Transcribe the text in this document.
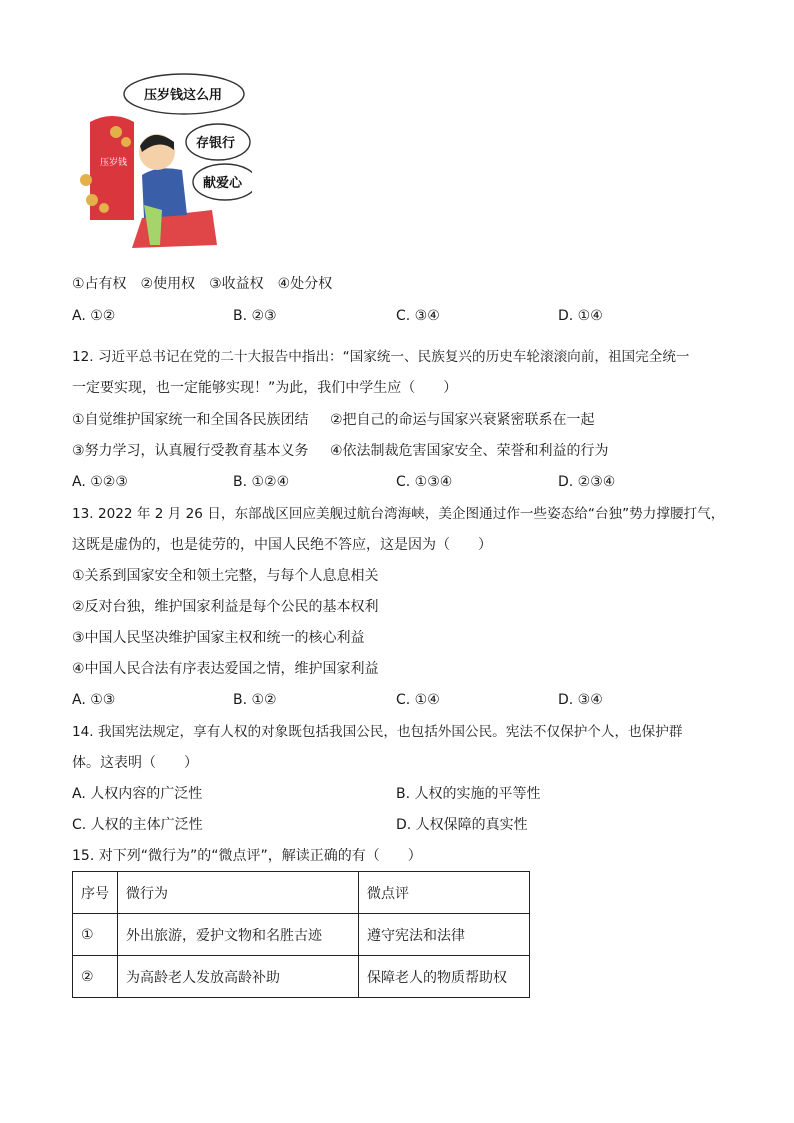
压岁钱
压岁钱这么用
存银行
献爱心
①占有权　②使用权　③收益权　④处分权
A. ①②	B. ②③	C. ③④	D. ①④
12. 习近平总书记在党的二十大报告中指出：“国家统一、民族复兴的历史车轮滚滚向前，祖国完全统一
一定要实现，也一定能够实现！”为此，我们中学生应（　　）
①自觉维护国家统一和全国各民族团结 ②把自己的命运与国家兴衰紧密联系在一起
③努力学习，认真履行受教育基本义务 ④依法制裁危害国家安全、荣誉和利益的行为
A. ①②③	B. ①②④	C. ①③④	D. ②③④
13. 2022 年 2 月 26 日，东部战区回应美舰过航台湾海峡，美企图通过作一些姿态给“台独”势力撑腰打气，
这既是虚伪的，也是徒劳的，中国人民绝不答应，这是因为（　　）
①关系到国家安全和领土完整，与每个人息息相关
②反对台独，维护国家利益是每个公民的基本权利
③中国人民坚决维护国家主权和统一的核心利益
④中国人民合法有序表达爱国之情，维护国家利益
A. ①③	B. ①②	C. ①④	D. ③④
14. 我国宪法规定，享有人权的对象既包括我国公民，也包括外国公民。宪法不仅保护个人，也保护群
体。这表明（　　）
A. 人权内容的广泛性	B. 人权的实施的平等性
C. 人权的主体广泛性	D. 人权保障的真实性
15. 对下列“微行为”的“微点评”，解读正确的有（　　）
序号	微行为	微点评
①	外出旅游，爱护文物和名胜古迹	遵守宪法和法律
②	为高龄老人发放高龄补助	保障老人的物质帮助权
